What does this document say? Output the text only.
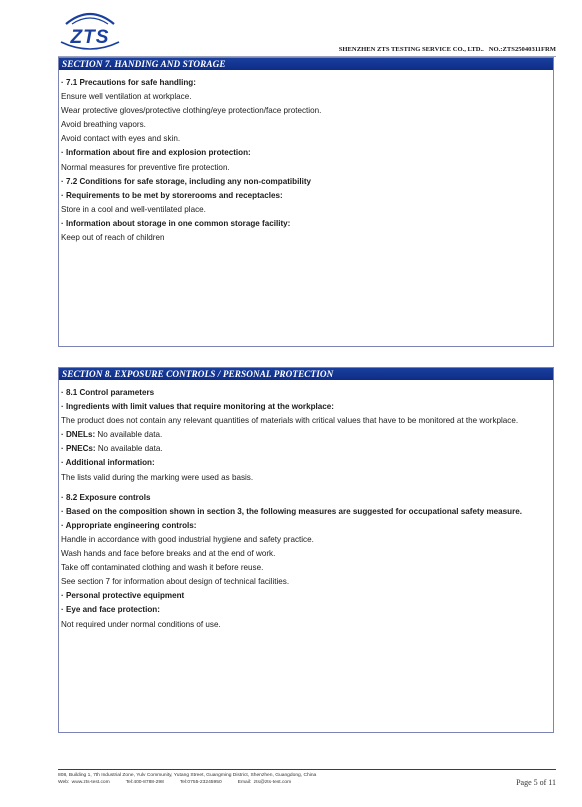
ZTS
SHENZHEN ZTS TESTING SERVICE CO., LTD.. NO.:ZTS25040311FRM
SECTION 7. HANDING AND STORAGE
· 7.1 Precautions for safe handling:
Ensure well ventilation at workplace.
Wear protective gloves/protective clothing/eye protection/face protection.
Avoid breathing vapors.
Avoid contact with eyes and skin.
· Information about fire and explosion protection:
Normal measures for preventive fire protection.
· 7.2 Conditions for safe storage, including any non-compatibility
· Requirements to be met by storerooms and receptacles:
Store in a cool and well-ventilated place.
· Information about storage in one common storage facility:
Keep out of reach of children
SECTION 8. EXPOSURE CONTROLS / PERSONAL PROTECTION
· 8.1 Control parameters
· Ingredients with limit values that require monitoring at the workplace:
The product does not contain any relevant quantities of materials with critical values that have to be monitored at the workplace.
· DNELs: No available data.
· PNECs: No available data.
· Additional information:
The lists valid during the marking were used as basis.
· 8.2 Exposure controls
· Based on the composition shown in section 3, the following measures are suggested for occupational safety measure.
· Appropriate engineering controls:
Handle in accordance with good industrial hygiene and safety practice.
Wash hands and face before breaks and at the end of work.
Take off contaminated clothing and wash it before reuse.
See section 7 for information about design of technical facilities.
· Personal protective equipment
· Eye and face protection:
Not required under normal conditions of use.
808, Building 1, 7th Industrial Zone, Yulv Community, Yutang Street, Guangming District, Shenzhen, Guangdong, China
Web: www.zts-test.com	Tel:400-8788-298	Tel:0755-23245950	Email: zts@zts-test.com	Page 5 of 11
